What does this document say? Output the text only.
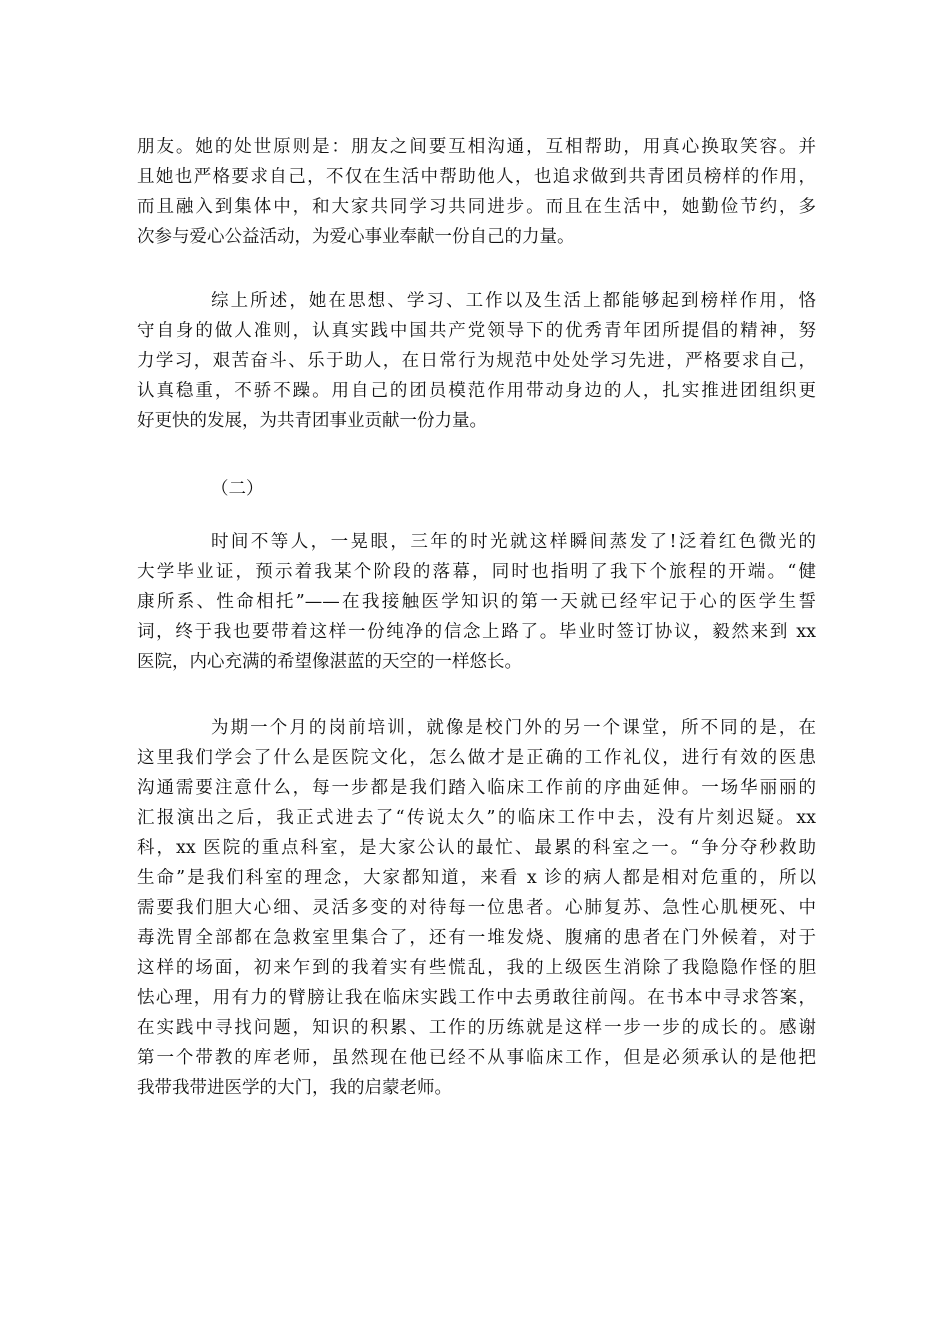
朋友。她的处世原则是：朋友之间要互相沟通，互相帮助，用真心换取笑容。并
且她也严格要求自己，不仅在生活中帮助他人，也追求做到共青团员榜样的作用，
而且融入到集体中，和大家共同学习共同进步。而且在生活中，她勤俭节约，多
次参与爱心公益活动，为爱心事业奉献一份自己的力量。
综上所述，她在思想、学习、工作以及生活上都能够起到榜样作用，恪
守自身的做人准则，认真实践中国共产党领导下的优秀青年团所提倡的精神，努
力学习，艰苦奋斗、乐于助人，在日常行为规范中处处学习先进，严格要求自己，
认真稳重，不骄不躁。用自己的团员模范作用带动身边的人，扎实推进团组织更
好更快的发展，为共青团事业贡献一份力量。
（二）
时间不等人，一晃眼，三年的时光就这样瞬间蒸发了!泛着红色微光的
大学毕业证，预示着我某个阶段的落幕，同时也指明了我下个旅程的开端。“健
康所系、性命相托”——在我接触医学知识的第一天就已经牢记于心的医学生誓
词，终于我也要带着这样一份纯净的信念上路了。毕业时签订协议，毅然来到 xx
医院，内心充满的希望像湛蓝的天空的一样悠长。
为期一个月的岗前培训，就像是校门外的另一个课堂，所不同的是，在
这里我们学会了什么是医院文化，怎么做才是正确的工作礼仪，进行有效的医患
沟通需要注意什么，每一步都是我们踏入临床工作前的序曲延伸。一场华丽丽的
汇报演出之后，我正式进去了“传说太久”的临床工作中去，没有片刻迟疑。xx
科，xx 医院的重点科室，是大家公认的最忙、最累的科室之一。“争分夺秒救助
生命”是我们科室的理念，大家都知道，来看 x 诊的病人都是相对危重的，所以
需要我们胆大心细、灵活多变的对待每一位患者。心肺复苏、急性心肌梗死、中
毒洗胃全部都在急救室里集合了，还有一堆发烧、腹痛的患者在门外候着，对于
这样的场面，初来乍到的我着实有些慌乱，我的上级医生消除了我隐隐作怪的胆
怯心理，用有力的臂膀让我在临床实践工作中去勇敢往前闯。在书本中寻求答案，
在实践中寻找问题，知识的积累、工作的历练就是这样一步一步的成长的。感谢
第一个带教的库老师，虽然现在他已经不从事临床工作，但是必须承认的是他把
我带我带进医学的大门，我的启蒙老师。
